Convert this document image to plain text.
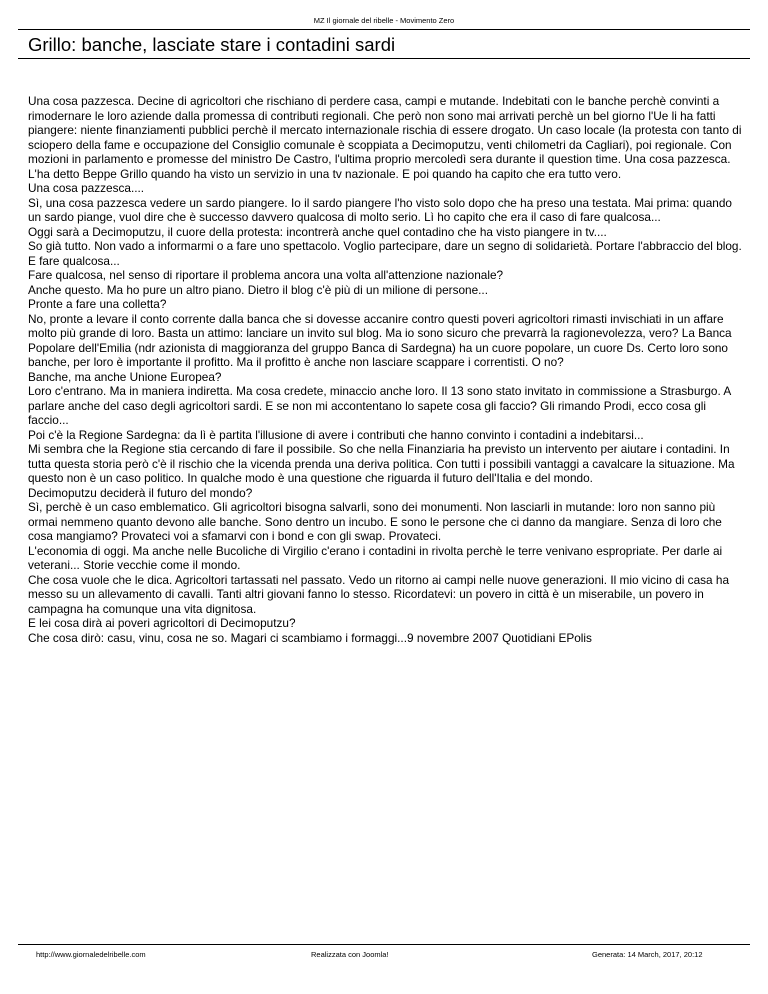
MZ Il giornale del ribelle - Movimento Zero
Grillo: banche, lasciate stare i contadini sardi

Una cosa pazzesca. Decine di agricoltori che rischiano di perdere casa, campi e mutande. Indebitati con le banche perchè convinti a rimodernare le loro aziende dalla promessa di contributi regionali. Che però non sono mai arrivati perchè un bel giorno l'Ue li ha fatti piangere: niente finanziamenti pubblici perchè il mercato internazionale rischia di essere drogato. Un caso locale (la protesta con tanto di sciopero della fame e occupazione del Consiglio comunale è scoppiata a Decimoputzu, venti chilometri da Cagliari), poi regionale. Con mozioni in parlamento e promesse del ministro De Castro, l'ultima proprio mercoledì sera durante il question time. Una cosa pazzesca. L'ha detto Beppe Grillo quando ha visto un servizio in una tv nazionale. E poi quando ha capito che era tutto vero.

Una cosa pazzesca....

Sì, una cosa pazzesca vedere un sardo piangere. Io il sardo piangere l'ho visto solo dopo che ha preso una testata. Mai prima: quando un sardo piange, vuol dire che è successo davvero qualcosa di molto serio. Lì ho capito che era il caso di fare qualcosa...

Oggi sarà a Decimoputzu, il cuore della protesta: incontrerà anche quel contadino che ha visto piangere in tv....

So già tutto. Non vado a informarmi o a fare uno spettacolo. Voglio partecipare, dare un segno di solidarietà. Portare l'abbraccio del blog. E fare qualcosa...

Fare qualcosa, nel senso di riportare il problema ancora una volta all'attenzione nazionale?

Anche questo. Ma ho pure un altro piano. Dietro il blog c'è più di un milione di persone...

Pronte a fare una colletta?

No, pronte a levare il conto corrente dalla banca che si dovesse accanire contro questi poveri agricoltori rimasti invischiati in un affare molto più grande di loro. Basta un attimo: lanciare un invito sul blog. Ma io sono sicuro che prevarrà la ragionevolezza, vero? La Banca Popolare dell'Emilia (ndr azionista di maggioranza del gruppo Banca di Sardegna) ha un cuore popolare, un cuore Ds. Certo loro sono banche, per loro è importante il profitto. Ma il profitto è anche non lasciare scappare i correntisti. O no?

Banche, ma anche Unione Europea?

Loro c'entrano. Ma in maniera indiretta. Ma cosa credete, minaccio anche loro. Il 13 sono stato invitato in commissione a Strasburgo. A parlare anche del caso degli agricoltori sardi. E se non mi accontentano lo sapete cosa gli faccio? Gli rimando Prodi, ecco cosa gli faccio...

Poi c'è la Regione Sardegna: da lì è partita l'illusione di avere i contributi che hanno convinto i contadini a indebitarsi...

Mi sembra che la Regione stia cercando di fare il possibile. So che nella Finanziaria ha previsto un intervento per aiutare i contadini. In tutta questa storia però c'è il rischio che la vicenda prenda una deriva politica. Con tutti i possibili vantaggi a cavalcare la situazione. Ma questo non è un caso politico. In qualche modo è una questione che riguarda il futuro dell'Italia e del mondo.

Decimoputzu deciderà il futuro del mondo?

Sì, perchè è un caso emblematico. Gli agricoltori bisogna salvarli, sono dei monumenti. Non lasciarli in mutande: loro non sanno più ormai nemmeno quanto devono alle banche. Sono dentro un incubo. E sono le persone che ci danno da mangiare. Senza di loro che cosa mangiamo? Provateci voi a sfamarvi con i bond e con gli swap. Provateci.

L'economia di oggi. Ma anche nelle Bucoliche di Virgilio c'erano i contadini in rivolta perchè le terre venivano espropriate. Per darle ai veterani... Storie vecchie come il mondo.

Che cosa vuole che le dica. Agricoltori tartassati nel passato. Vedo un ritorno ai campi nelle nuove generazioni. Il mio vicino di casa ha messo su un allevamento di cavalli. Tanti altri giovani fanno lo stesso. Ricordatevi: un povero in città è un miserabile, un povero in campagna ha comunque una vita dignitosa.

E lei cosa dirà ai poveri agricoltori di Decimoputzu?

Che cosa dirò: casu, vinu, cosa ne so. Magari ci scambiamo i formaggi...9 novembre 2007 Quotidiani EPolis

http://www.giornaledelribelle.com	Realizzata con Joomla!	Generata: 14 March, 2017, 20:12
